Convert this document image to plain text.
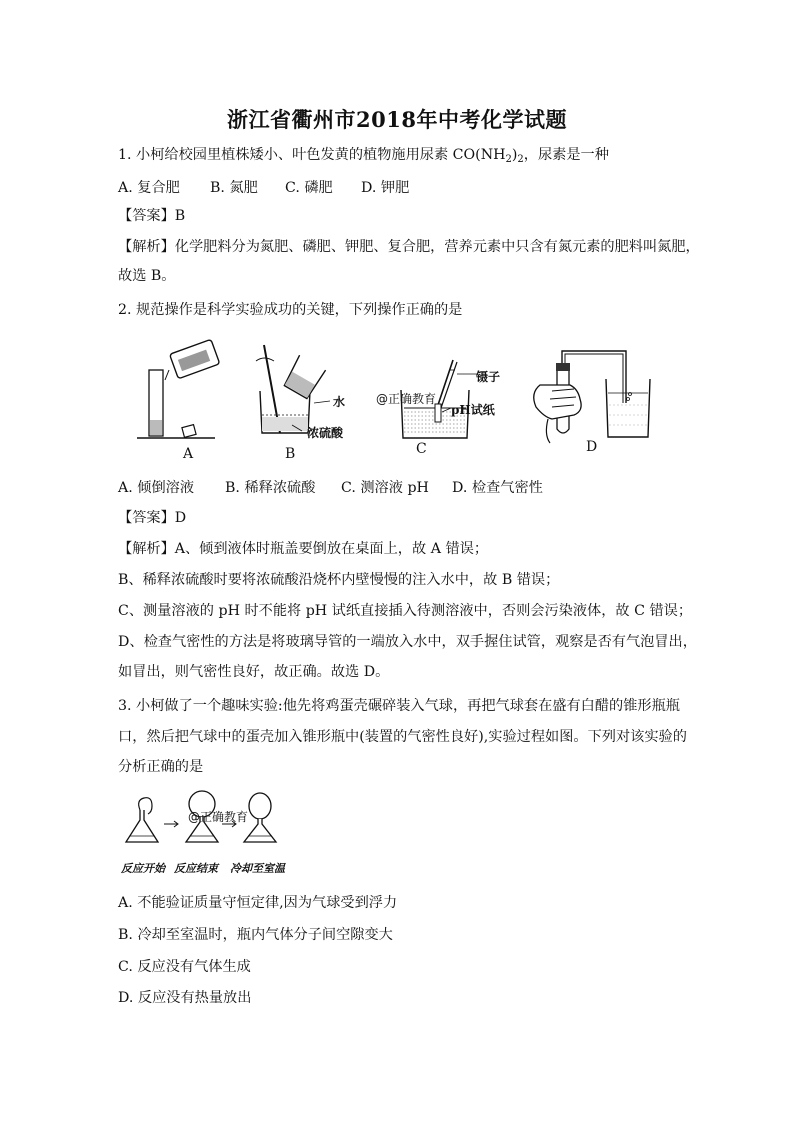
浙江省衢州市2018年中考化学试题
1. 小柯给校园里植株矮小、叶色发黄的植物施用尿素 $CO(NH_2)_2$，尿素是一种
A. 复合肥 B. 氮肥 C. 磷肥 D. 钾肥
【答案】B
【解析】化学肥料分为氮肥、磷肥、钾肥、复合肥，营养元素中只含有氮元素的肥料叫氮肥，
故选 B。
2. 规范操作是科学实验成功的关键，下列操作正确的是
A
水
浓硫酸
B
镊子
pH试纸
@正确教育
C	D
A. 倾倒溶液 B. 稀释浓硫酸 C. 测溶液 pH D. 检查气密性
【答案】D
【解析】A、倾到液体时瓶盖要倒放在桌面上，故 A 错误；
B、稀释浓硫酸时要将浓硫酸沿烧杯内壁慢慢的注入水中，故 B 错误；
C、测量溶液的 pH 时不能将 pH 试纸直接插入待测溶液中，否则会污染液体，故 C 错误；
D、检查气密性的方法是将玻璃导管的一端放入水中，双手握住试管，观察是否有气泡冒出，
如冒出，则气密性良好，故正确。故选 D。
3. 小柯做了一个趣味实验:他先将鸡蛋壳碾碎装入气球，再把气球套在盛有白醋的锥形瓶瓶
口，然后把气球中的蛋壳加入锥形瓶中(装置的气密性良好),实验过程如图。下列对该实验的
分析正确的是
@正确教育
反应开始 反应结束 冷却至室温
A. 不能验证质量守恒定律,因为气球受到浮力
B. 冷却至室温时，瓶内气体分子间空隙变大
C. 反应没有气体生成
D. 反应没有热量放出
